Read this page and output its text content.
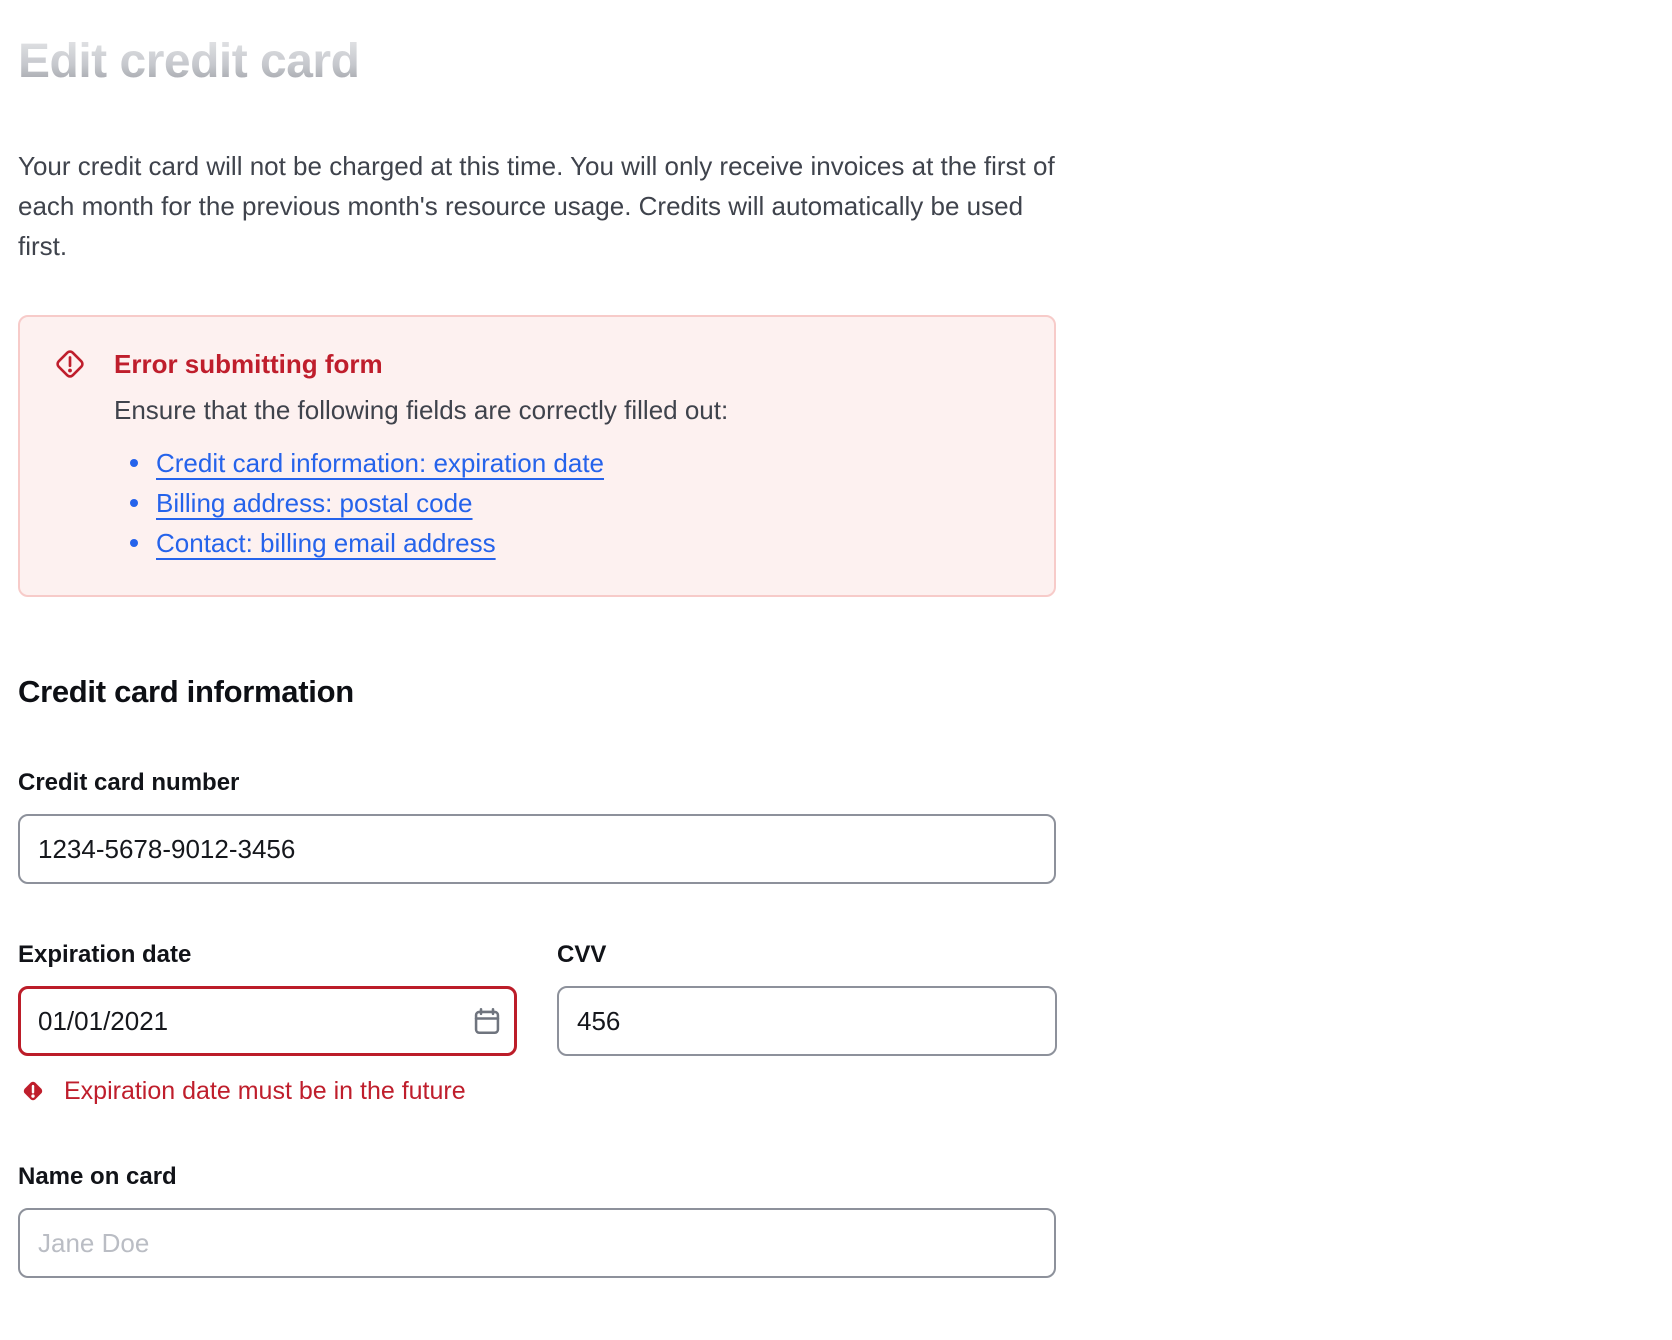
Edit credit card

Your credit card will not be charged at this time. You will only receive invoices at the first of each month for the previous month's resource usage. Credits will automatically be used first.

Error submitting form
Ensure that the following fields are correctly filled out:
Credit card information: expiration date
Billing address: postal code
Contact: billing email address
Credit card information
Credit card number
1234-5678-9012-3456
Expiration date
01/01/2021
Expiration date must be in the future
CVV
456
Name on card
Jane Doe
